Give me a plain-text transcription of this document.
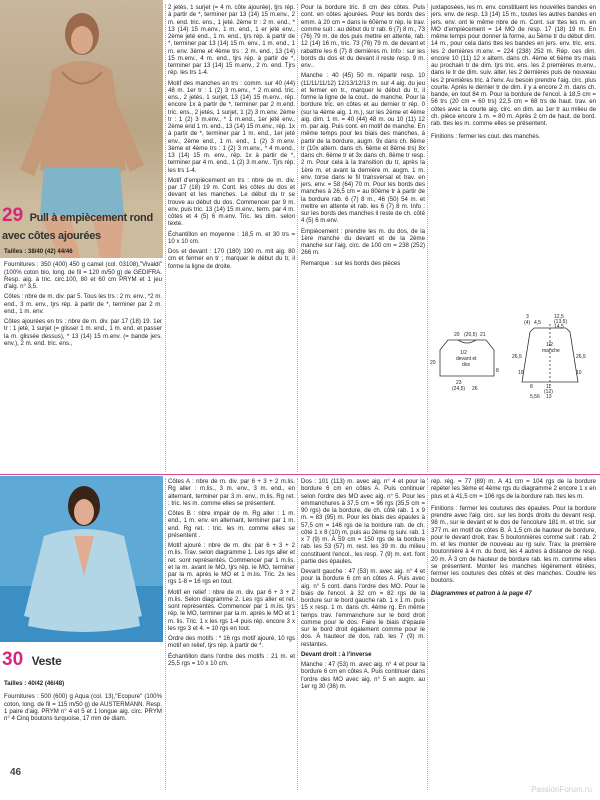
29 Pull à empiècement rond avec côtes ajourées

Tailles : 38/40 (42) 44/46

Fournitures : 350 (400) 450 g camel (col. 03108),"Vivaldi" (100% coton bio, long. de fil = 120 m/50 g) de GEDIFRA. Resp. aig. à tric. circ.100, 80 et 60 cm PRYM et 1 jeu d'aig. n° 3,5.

Côtes : nbre de m. div. par 5. Tous les trs : 2 m. env., *2 m. end., 3 m. env., tjrs rép. à partir de *, terminer par 2 m. end., 1 m. env.

Côtes ajourées en trs : nbre de m. div. par 17 (18) 19. 1er tr : 1 jeté, 1 surjet (= glisser 1 m. end., 1 m. end. et passer la m. glissée dessus), * 13 (14) 15 m.env. (= bande jers. env.), 2 m. end. tric. ens.,

2 jetés, 1 surjet (= 4 m. côte ajourée), tjrs rép. à partir de *, terminer par 13 (14) 15 m.env., 2 m. end. tric. ens., 1 jeté. 2ème tr : 2 m. end., * 13 (14) 15 m.env., 1 m. end., 1 er jeté env., 2ème jeté end., 1 m. end., tjrs rép. à partir de *, terminer par 13 (14) 15 m. env., 1 m. end., 1 m. env. 3ème et 4ème trs : 2 m. end., 13 (14) 15 m.env., 4 m. end., tjrs rép. à partir de *, terminer par 13 (14) 15 m.env., 2 m. end. Tjrs rép. les trs 1-4.

Motif des manches en trs : comm. sur 40 (44) 48 m. 1er tr : 1 (2) 3 m.env., * 2 m.end. tric. ens., 2 jetés, 1 surjet, 13 (14) 15 m.env., rép. encore 1x à partir de *, terminer par 2 m.end. tric. ens., 2 jetés, 1 surjet, 1 (2) 3 m.env. 2ème tr : 1 (2) 3 m.env., * 1 m.end., 1er jeté env., 2ème end 1 m. end., 13 (14) 15 m.env., rép. 1x à partir de *, terminer par 1 m. end., 1er jeté env., 2ème end., 1 m. end., 1 (2) 3 m.env. 3ème et 4ème trs : 1 (2) 3 m.env., * 4 m.end., 13 (14) 15 m. env., rép. 1x à partir de *, terminer par 4 m. end., 1 (2) 3 m.env.. Tjrs rép. les trs 1-4.

Motif d'empiècement en trs : nbre de m. div. par 17 (18) 19 m. Cont. les côtes du dos et devant et les manches. Le début du tr se trouve au début du dos. Commencer par 9 m. env. puis tric. 13 (14) 15 m.env., term. par 4 m. côtes et 4 (5) 6 m.env. Tric. les dim. selon texte.

Échantillon en moyenne : 18,5 m. et 30 trs = 10 x 10 cm.

Dos et devant : 170 (180) 190 m. mit aig. 80 cm et fermer en tr ; marquer le début du tr, il forme la ligne de droite.

Pour la bordure tric. 8 cm des côtes. Puis cont. en côtes ajourées. Pour les bords des emm. à 20 cm = dans le 60ème tr rép. le trav. comme suit : au début du tr rab. 6 (7) 8 m., 73 (76) 79 m. de dos puis mettre en attente, rab. 12 (14) 16 m., tric. 73 (76) 79 m. de devant et rabattre les 6 (7) 8 dernières m. Info : sur les bords du dos et du devant il reste resp. 9 m. env..

Manche : 40 (45) 50 m. répartir resp. 10 (11/11/11/12) 12/13/12/13 m. sur 4 aig. du jeu et fermer en tr., marquer le début du tr, il forme la ligne de la cout.. de manche. Pour la bordure tric. en côtes et au dernier tr rép. 0 (sur la 4ème aig. 1 m.), sur les 2ème et 4ème aig. dim. 1 m. = 40 (44) 48 m. ou 10 (11) 12 m. par aig. Puis cont. en motif de manche. En même temps pour les biais des manches, à partir de la bordure, augm. 9x dans ch. 8ème tr (10x altern. dans ch. 6ème et 8ème trs) 8x dans ch. 6ème tr et 3x dans ch. 8ème tr resp. 2 m. Pour cela à la transition du tr, après la 1ère m. et avant la dernière m. augm. 1 m. env. torse dans le fil transversal et trav. en jers. env. = 58 (64) 70 m. Pour les bords des manches à 26,5 cm = au 80ème tr à partir de la bordure rab. 6 (7) 8 m., 46 (50) 54 m. et mettre en attente et rab. les 6 (7) 8 m. Info : sur les bords des manches il reste de ch. côté 4 (5) 6 m.env.

Empiècement : prendre les m. du dos, de la 1ère manche du devant et de la 2ème manche sur l'aig. circ. de 100 cm = 238 (252) 266 m.

Remarque : sur les bords des pièces

juxtaposées, les m. env. constituent les nouvelles bandes en jers. env. de resp. 13 (14) 15 m., toutes les autres bandes en jers. env. ont le même nbre de m. Cont. sur ttes les m. en MO d'empiècement = 14 MO de resp. 17 (18) 19 m. En même temps pour donner la forme, au 5ème tr du début dim. 14 m., pour cela dans ttes les bandes en jers. env. tric. ens. les 2 dernières m.env. = 224 (238) 252 m. Rép. ces dim. encore 10 (11) 12 x altern. dans ch. 4ème et 6ème trs mais au prochain tr de dim. tjrs tric. ens. les 2 premières m.env., dans le tr de dim. suiv. alter. les 2 dernières puis de nouveau les 2 premières tric. à l'env. Au besoin prendre l'aig. circ. plus courte. Après le dernier tr de dim. il y a encore 2 m. dans ch. bande, en tout 84 m. Pour la bordure de l'encol. à 18,5 cm = 56 trs (20 cm = 60 trs) 22,5 cm = 68 trs de haut. trav. en côtes avec la courte aig. circ. en dim. au 1er tr au milieu de ch. pièce encore 1 m. = 80 m. Après 2 cm de haut. de bord. rab. ttes les m. comme elles se présentent.

Finitions : fermer les cout. des manches.

20 (20,5) 21
1/2
devant et
dos
20
8
23
(24,5) 26
3
(4) 4,5
12,5
(13,5)
14,5
1/2
manche
26,5	26,5
10	10
8	11
(12)
13
5,56
30 Veste

Tailles : 40/42 (46/48)

Fournitures : 500 (600) g Aqua (col. 13),"Ecopure" (100% coton, long. de fil = 115 m/50 g) de AUSTERMANN. Resp. 1 paire d'aig. PRYM n° 4 et 5 et 1 longue aig. circ. PRYM n° 4 Cinq boutons turquoise, 17 mm de diam.

Côtes A : nbre de m. div. par 6 + 3 + 2 m.lis. Rg aller : m.lis., 3 m. env., 3 m. end., en alternant, terminer par 3 m. env., m.lis. Rg ret. : tric. les m. comme elles se présentent.

Côtes B : nbre impair de m. Rg aller : 1 m. end., 1 m. env. en alternant, terminer par 1 m. end. Rg ret. : tric. les m. comme elles se présentent .

Motif ajouré : nbre de m. div. par 6 + 3 + 2 m.lis. Trav. selon diagramme 1. Les rgs aller et ret. sont représentés. Commencer par 1 m.lis. et la m. avant le MO, tjrs rép. le MO, terminer par la m. après le MO et 1 m.lis. Tric. 2x les rgs 1-8 = 16 rgs en tout.

Motif en relief : nbre de m. div. par 6 + 3 + 2 m.lis. Selon diagramme 2. Les rgs aller et ret. sont représentés. Commencer par 1 m.lis. tjrs rép. le MO, terminer par la m. après le MO et 1 m. lis. Tric. 1 x les rgs 1-4 puis rép. encore 3 x les rgs 3 et 4. = 10 rgs en tout.

Ordre des motifs : * 16 rgs motif ajouré, 10 rgs motif en relief, tjrs rép. à partir de *.

Échantillon dans l'ordre des motifs : 21 m. et 25,5 rgs = 10 x 10 cm.

Dos : 101 (113) m. avec aig. n° 4 et pour la bordure 6 cm en côtes A. Puis continuer selon l'ordre des MO avec aig. n° 5. Pour les emmanchures à 37,5 cm = 96 rgs (35,5 cm = 90 rgs) de la bordure, de ch. côté rab. 1 x 9 m. = 83 (95) m. Pour les biais des épaules à 57,5 cm = 146 rgs de la bordure rab. de ch. côté 1 x 8 (10) m, puis au 2ème rg suiv. rab. 1 x 7 (9) m. À 59 cm = 150 rgs de la bordure rab. les 53 (57) m. rest. les 39 m. du milieu constituent l'encol., les resp. 7 (9) m. ext. font partie des épaules.

Devant gauche : 47 (53) m. avec aig. n° 4 et pour la bordure 6 cm en côtes A. Puis avec aig. n° 5 cont. dans l'ordre des MO. Pour le biais de l'encol. à 32 cm = 82 rgs de la bordure sur le bord gauche rab. 1 x 1 m. puis 15 x resp. 1 m. dans ch. 4ème rg. En même temps trav. l'emmanchure sur le bord droit comme pour le dos. Faire le biais d'épaule sur le bord droit également comme pour le dos. À hauteur de dos, rab. les 7 (9) m. restantes.

Devant droit : à l'inverse

Manche : 47 (53) m. avec aig. n° 4 et pour la bordure 6 cm en côtes A. Puis continuer dans l'ordre des MO avec aig. n° 5 en augm. au 1er rg 30 (36) m.

rép. rég. = 77 (89) m. À 41 cm = 104 rgs de la bordure répéter les 3ème et 4ème rgs du diagramme 2 encore 1 x en plus et à 41,5 cm = 106 rgs de la bordure rab. ttes les m.

Finitions : fermer les coutures des épaules. Pour la bordure prendre avec l'aig. circ. sur les bords droits du devant resp. 98 m., sur le devant et le dos de l'encolure 181 m. et tric. sur 377 m. en motif de côtes B. À 1,5 cm de hauteur de bordure, pour le devant droit, trav. 5 boutonnières comme suit : rab. 2 m. et les monter de nouveau au rg suiv. Trav. la première boutonnière à 4 m. du bord, les 4 autres à distance de resp. 20 m. À 3 cm de hauteur de bordure rab. les m. comme elles se présentent. Monter les manches légèrement étirées, fermer les coutures des côtés et des manches. Coudre les boutons.

Diagrammes et patron à la page 47

46
PassionForum.ru
